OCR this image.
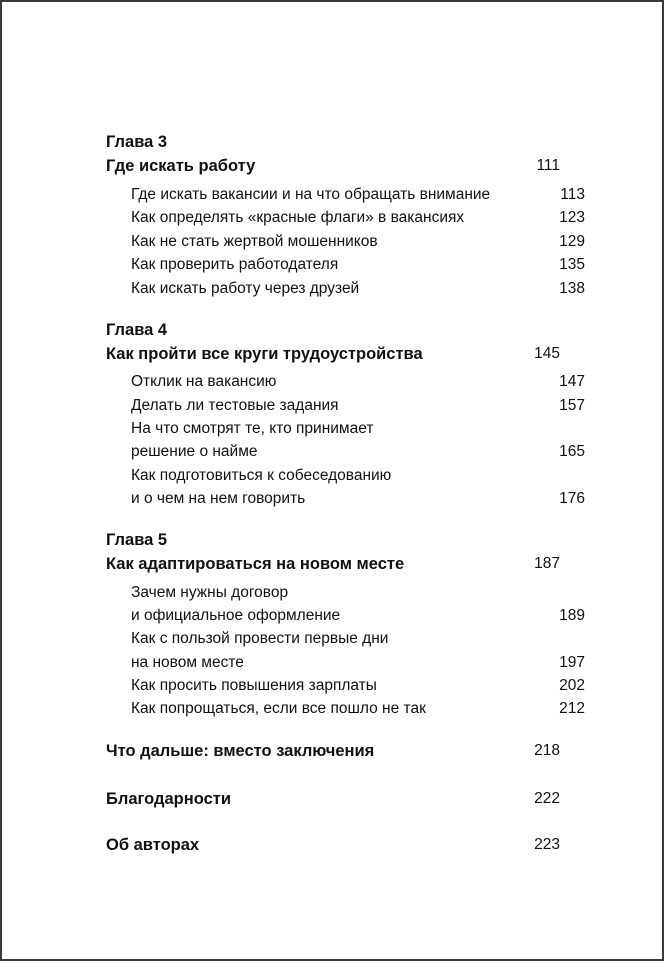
Глава 3
Где искать работу	111
Где искать вакансии и на что обращать внимание	113
Как определять «красные флаги» в вакансиях	123
Как не стать жертвой мошенников	129
Как проверить работодателя	135
Как искать работу через друзей	138
Глава 4
Как пройти все круги трудоустройства	145
Отклик на вакансию	147
Делать ли тестовые задания	157
На что смотрят те, кто принимает
решение о найме	165
Как подготовиться к собеседованию
и о чем на нем говорить	176
Глава 5
Как адаптироваться на новом месте	187
Зачем нужны договор
и официальное оформление	189
Как с пользой провести первые дни
на новом месте	197
Как просить повышения зарплаты	202
Как попрощаться, если все пошло не так	212
Что дальше: вместо заключения	218
Благодарности	222
Об авторах	223
